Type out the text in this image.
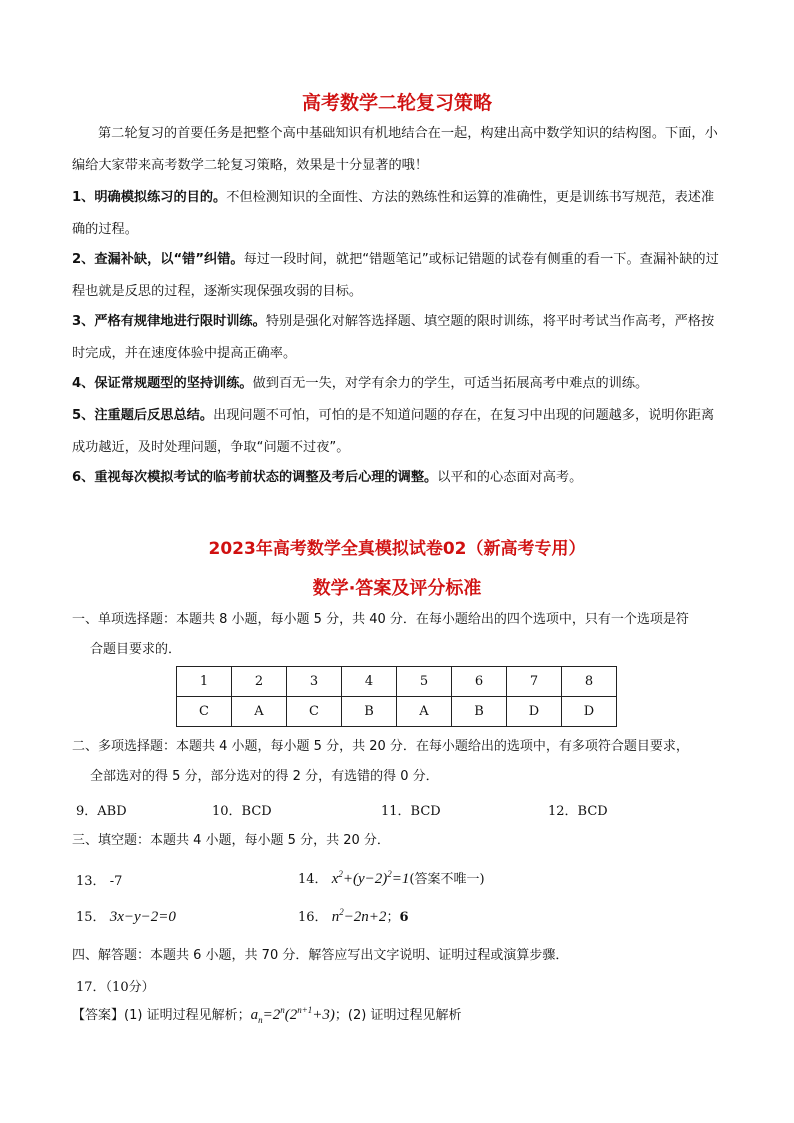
高考数学二轮复习策略
第二轮复习的首要任务是把整个高中基础知识有机地结合在一起，构建出高中数学知识的结构图。下面，小编给大家带来高考数学二轮复习策略，效果是十分显著的哦！
1、明确模拟练习的目的。不但检测知识的全面性、方法的熟练性和运算的准确性，更是训练书写规范，表述准确的过程。
2、查漏补缺，以“错”纠错。每过一段时间，就把“错题笔记”或标记错题的试卷有侧重的看一下。查漏补缺的过程也就是反思的过程，逐渐实现保强攻弱的目标。
3、严格有规律地进行限时训练。特别是强化对解答选择题、填空题的限时训练，将平时考试当作高考，严格按时完成，并在速度体验中提高正确率。
4、保证常规题型的坚持训练。做到百无一失，对学有余力的学生，可适当拓展高考中难点的训练。
5、注重题后反思总结。出现问题不可怕，可怕的是不知道问题的存在，在复习中出现的问题越多，说明你距离成功越近，及时处理问题，争取“问题不过夜”。
6、重视每次模拟考试的临考前状态的调整及考后心理的调整。以平和的心态面对高考。
2023年高考数学全真模拟试卷02（新高考专用）
数学·答案及评分标准
一、单项选择题：本题共 8 小题，每小题 5 分，共 40 分．在每小题给出的四个选项中，只有一个选项是符
合题目要求的．
1	2	3	4	5	6	7	8
C	A	C	B	A	B	D	D
二、多项选择题：本题共 4 小题，每小题 5 分，共 20 分．在每小题给出的选项中，有多项符合题目要求，
全部选对的得 5 分，部分选对的得 2 分，有选错的得 0 分．
9．ABD	10．BCD	11．BCD	12．BCD
三、填空题：本题共 4 小题，每小题 5 分，共 20 分．
13． -7	14． $x^2+(y-2)^2=1$(答案不唯一)
15． 3x−y−2=0	16． $n^2-2n+2$；6
四、解答题：本题共 6 小题，共 70 分．解答应写出文字说明、证明过程或演算步骤．
17．（10分）
【答案】(1) 证明过程见解析；$a_n=2^n(2^{n+1}+3)$；(2) 证明过程见解析
